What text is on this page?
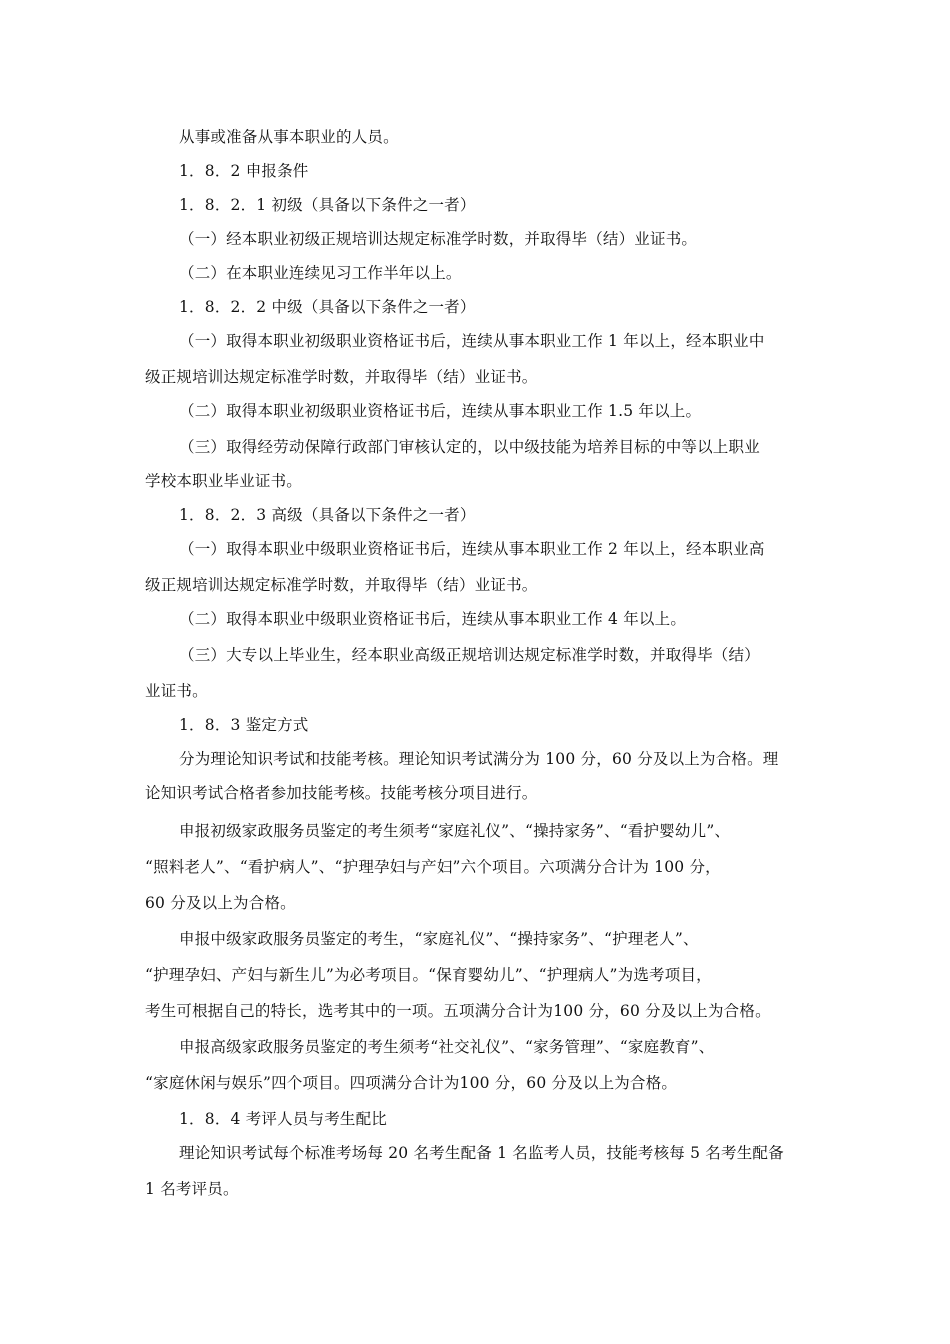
从事或准备从事本职业的人员。

1．8．2 申报条件

1．8．2．1 初级（具备以下条件之一者）

（一）经本职业初级正规培训达规定标准学时数，并取得毕（结）业证书。

（二）在本职业连续见习工作半年以上。

1．8．2．2 中级（具备以下条件之一者）

（一）取得本职业初级职业资格证书后，连续从事本职业工作 1 年以上，经本职业中

级正规培训达规定标准学时数，并取得毕（结）业证书。

（二）取得本职业初级职业资格证书后，连续从事本职业工作 1.5 年以上。

（三）取得经劳动保障行政部门审核认定的，以中级技能为培养目标的中等以上职业

学校本职业毕业证书。

1．8．2．3 高级（具备以下条件之一者）

（一）取得本职业中级职业资格证书后，连续从事本职业工作 2 年以上，经本职业高

级正规培训达规定标准学时数，并取得毕（结）业证书。

（二）取得本职业中级职业资格证书后，连续从事本职业工作 4 年以上。

（三）大专以上毕业生，经本职业高级正规培训达规定标准学时数，并取得毕（结）

业证书。

1．8．3 鉴定方式

分为理论知识考试和技能考核。理论知识考试满分为 100 分，60 分及以上为合格。理

论知识考试合格者参加技能考核。技能考核分项目进行。

申报初级家政服务员鉴定的考生须考“家庭礼仪”、“操持家务”、“看护婴幼儿”、

“照料老人”、“看护病人”、“护理孕妇与产妇”六个项目。六项满分合计为 100 分，

60 分及以上为合格。

申报中级家政服务员鉴定的考生，“家庭礼仪”、“操持家务”、“护理老人”、

“护理孕妇、产妇与新生儿”为必考项目。“保育婴幼儿”、“护理病人”为选考项目，

考生可根据自己的特长，选考其中的一项。五项满分合计为100 分，60 分及以上为合格。

申报高级家政服务员鉴定的考生须考“社交礼仪”、“家务管理”、“家庭教育”、

“家庭休闲与娱乐”四个项目。四项满分合计为100 分，60 分及以上为合格。

1．8．4 考评人员与考生配比

理论知识考试每个标准考场每 20 名考生配备 1 名监考人员，技能考核每 5 名考生配备

1 名考评员。
